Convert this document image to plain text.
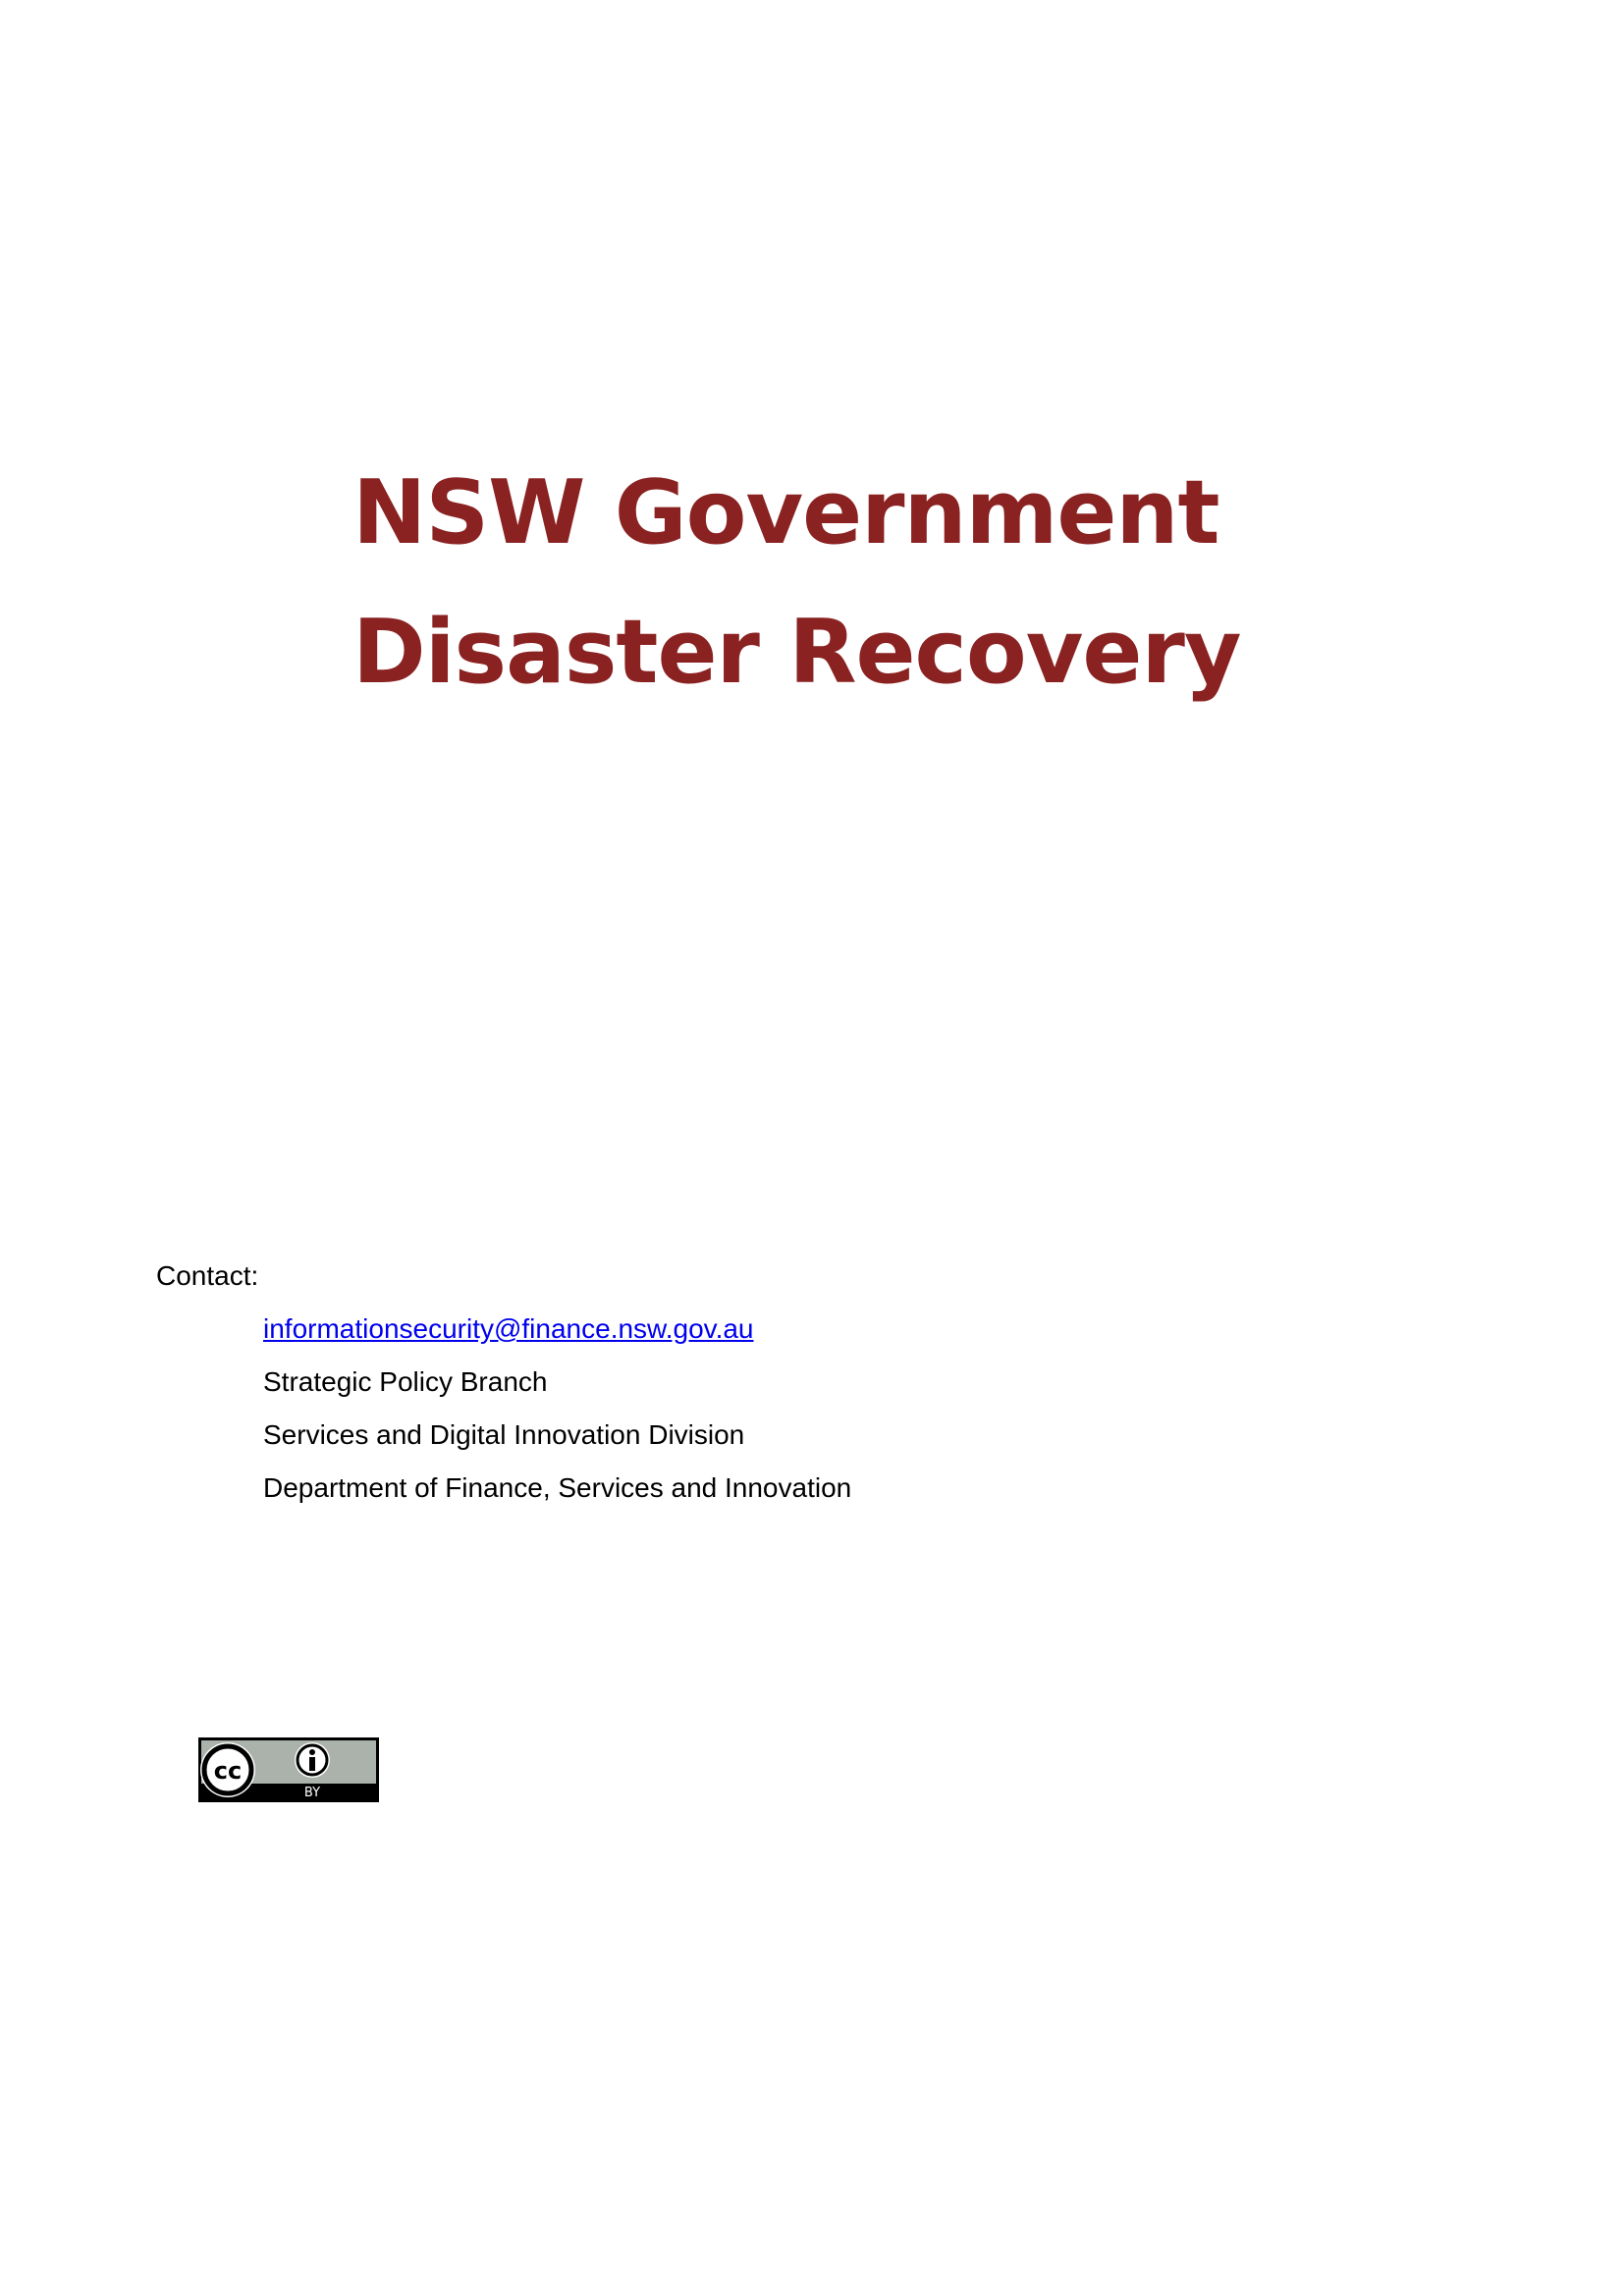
NSW Government
Disaster Recovery
Contact:
informationsecurity@finance.nsw.gov.au
Strategic Policy Branch
Services and Digital Innovation Division
Department of Finance, Services and Innovation
cc
BY
